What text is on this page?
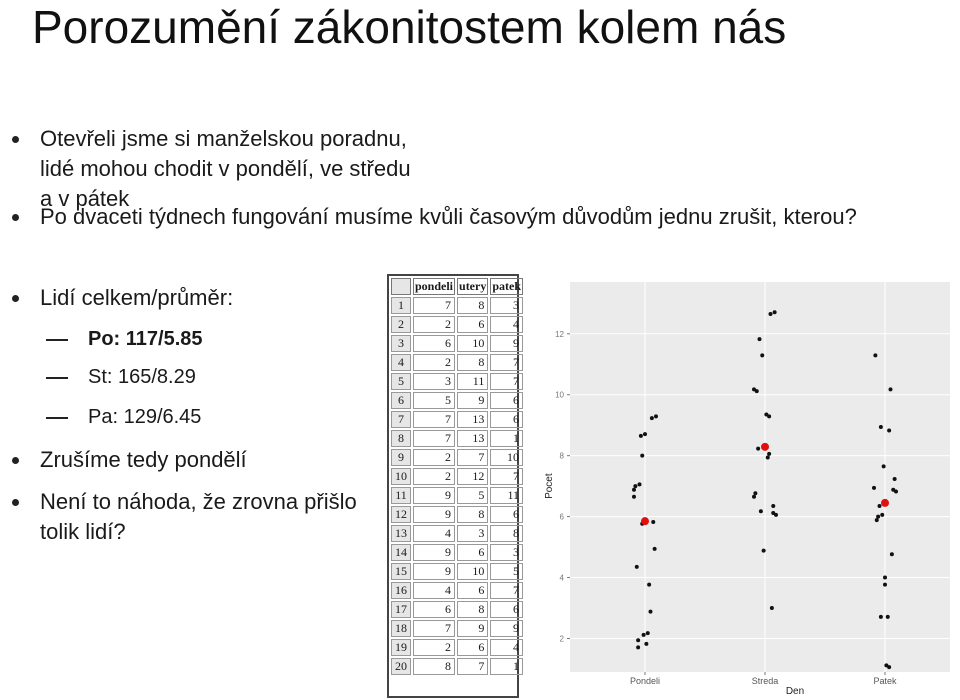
Porozumění zákonitostem kolem nás
Otevřeli jsme si manželskou poradnu, lidé mohou chodit v pondělí, ve středu a v pátek
Po dvaceti týdnech fungování musíme kvůli časovým důvodům jednu zrušit, kterou?
Lidí celkem/průměr:
Po: 117/5.85
St: 165/8.29
Pa: 129/6.45
Zrušíme tedy pondělí
Není to náhoda, že zrovna přišlo tolik lidí?
	pondeli	utery	patek
1	7	8	3
2	2	6	4
3	6	10	9
4	2	8	7
5	3	11	7
6	5	9	6
7	7	13	6
8	7	13	1
9	2	7	10
10	2	12	7
11	9	5	11
12	9	8	6
13	4	3	8
14	9	6	3
15	9	10	5
16	4	6	7
17	6	8	6
18	7	9	9
19	2	6	4
20	8	7	1
2
4
6
8
10
12
Pondeli	Streda	Patek
Den
Pocet
